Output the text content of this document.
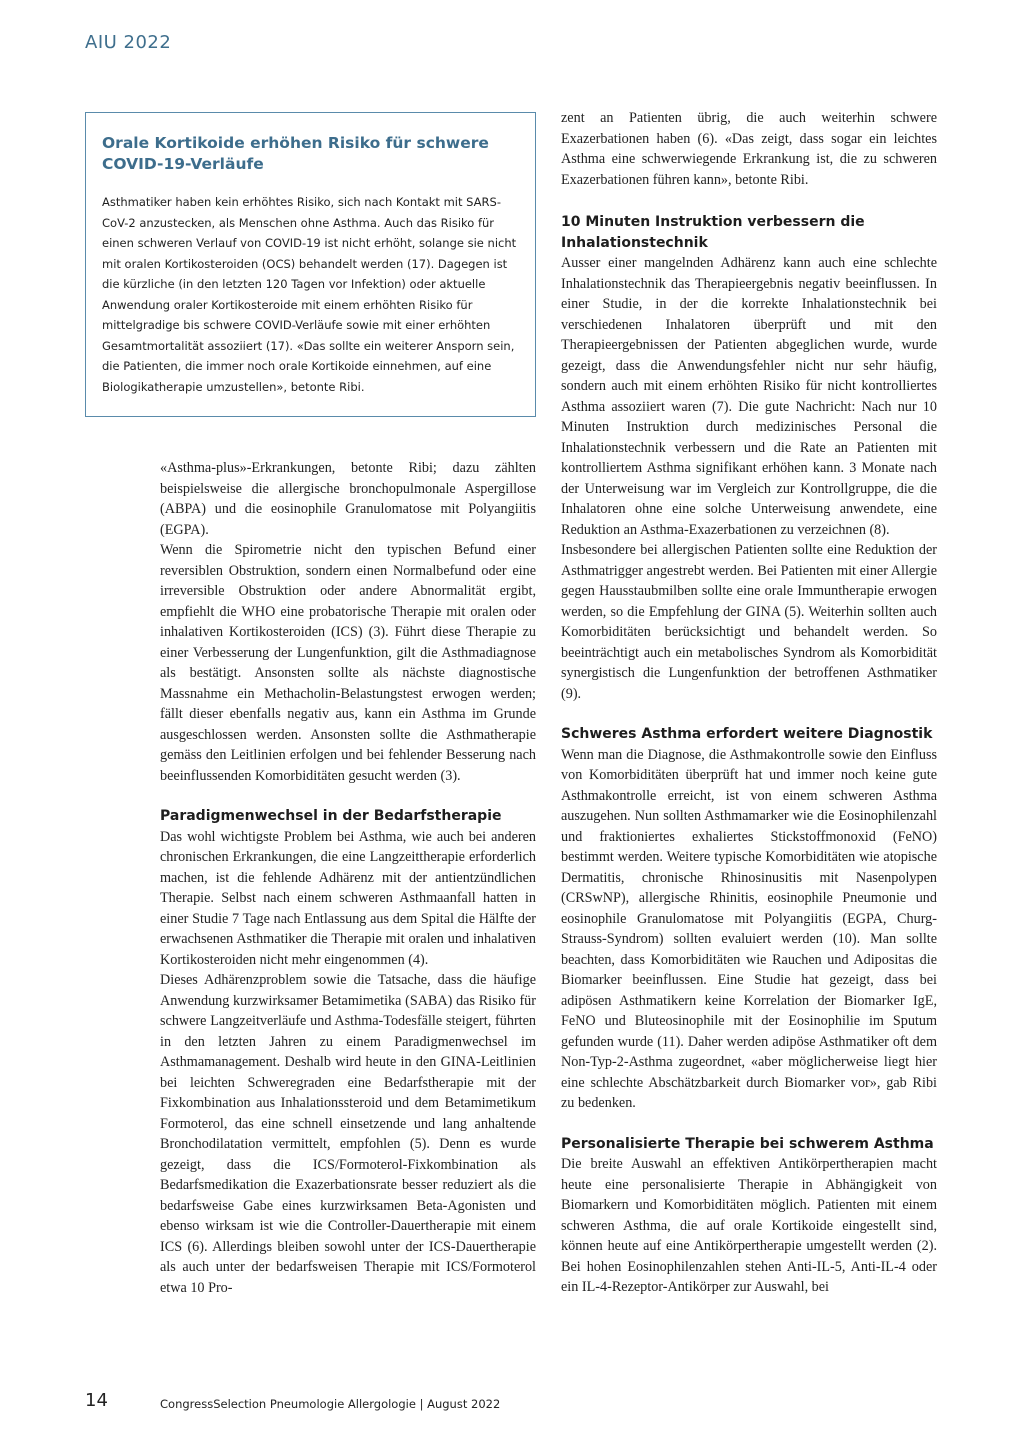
AIU 2022
Orale Kortikoide erhöhen Risiko für schwere COVID-19-Verläufe

Asthmatiker haben kein erhöhtes Risiko, sich nach Kontakt mit SARS-CoV-2 anzustecken, als Menschen ohne Asthma. Auch das Risiko für einen schweren Verlauf von COVID-19 ist nicht erhöht, solange sie nicht mit oralen Kortikosteroiden (OCS) behandelt werden (17). Dagegen ist die kürzliche (in den letzten 120 Tagen vor Infektion) oder aktuelle Anwendung oraler Kortikosteroide mit einem erhöhten Risiko für mittelgradige bis schwere COVID-Verläufe sowie mit einer erhöhten Gesamtmortalität assoziiert (17). «Das sollte ein weiterer Ansporn sein, die Patienten, die immer noch orale Kortikoide einnehmen, auf eine Biologikatherapie umzustellen», betonte Ribi.

«Asthma-plus»-Erkrankungen, betonte Ribi; dazu zählten beispielsweise die allergische bronchopulmonale Aspergillose (ABPA) und die eosinophile Granulomatose mit Polyangiitis (EGPA).

Wenn die Spirometrie nicht den typischen Befund einer reversiblen Obstruktion, sondern einen Normalbefund oder eine irreversible Obstruktion oder andere Abnormalität ergibt, empfiehlt die WHO eine probatorische Therapie mit oralen oder inhalativen Kortikosteroiden (ICS) (3). Führt diese Therapie zu einer Verbesserung der Lungenfunktion, gilt die Asthmadiagnose als bestätigt. Ansonsten sollte als nächste diagnostische Massnahme ein Methacholin-Belastungstest erwogen werden; fällt dieser ebenfalls negativ aus, kann ein Asthma im Grunde ausgeschlossen werden. Ansonsten sollte die Asthmatherapie gemäss den Leitlinien erfolgen und bei fehlender Besserung nach beeinflussenden Komorbiditäten gesucht werden (3).

Paradigmenwechsel in der Bedarfstherapie

Das wohl wichtigste Problem bei Asthma, wie auch bei anderen chronischen Erkrankungen, die eine Langzeittherapie erforderlich machen, ist die fehlende Adhärenz mit der antientzündlichen Therapie. Selbst nach einem schweren Asthmaanfall hatten in einer Studie 7 Tage nach Entlassung aus dem Spital die Hälfte der erwachsenen Asthmatiker die Therapie mit oralen und inhalativen Kortikosteroiden nicht mehr eingenommen (4).

Dieses Adhärenzproblem sowie die Tatsache, dass die häufige Anwendung kurzwirksamer Betamimetika (SABA) das Risiko für schwere Langzeitverläufe und Asthma-Todesfälle steigert, führten in den letzten Jahren zu einem Paradigmenwechsel im Asthmamanagement. Deshalb wird heute in den GINA-Leitlinien bei leichten Schweregraden eine Bedarfstherapie mit der Fixkombination aus Inhalationssteroid und dem Betamimetikum Formoterol, das eine schnell einsetzende und lang anhaltende Bronchodilatation vermittelt, empfohlen (5). Denn es wurde gezeigt, dass die ICS/Formoterol-Fixkombination als Bedarfsmedikation die Exazerbationsrate besser reduziert als die bedarfsweise Gabe eines kurzwirksamen Beta-Agonisten und ebenso wirksam ist wie die Controller-Dauertherapie mit einem ICS (6). Allerdings bleiben sowohl unter der ICS-Dauertherapie als auch unter der bedarfsweisen Therapie mit ICS/Formoterol etwa 10 Pro-

zent an Patienten übrig, die auch weiterhin schwere Exazerbationen haben (6). «Das zeigt, dass sogar ein leichtes Asthma eine schwerwiegende Erkrankung ist, die zu schweren Exazerbationen führen kann», betonte Ribi.

10 Minuten Instruktion verbessern die Inhalationstechnik

Ausser einer mangelnden Adhärenz kann auch eine schlechte Inhalationstechnik das Therapieergebnis negativ beeinflussen. In einer Studie, in der die korrekte Inhalationstechnik bei verschiedenen Inhalatoren überprüft und mit den Therapieergebnissen der Patienten abgeglichen wurde, wurde gezeigt, dass die Anwendungsfehler nicht nur sehr häufig, sondern auch mit einem erhöhten Risiko für nicht kontrolliertes Asthma assoziiert waren (7). Die gute Nachricht: Nach nur 10 Minuten Instruktion durch medizinisches Personal die Inhalationstechnik verbessern und die Rate an Patienten mit kontrolliertem Asthma signifikant erhöhen kann. 3 Monate nach der Unterweisung war im Vergleich zur Kontrollgruppe, die die Inhalatoren ohne eine solche Unterweisung anwendete, eine Reduktion an Asthma-Exazerbationen zu verzeichnen (8).

Insbesondere bei allergischen Patienten sollte eine Reduktion der Asthmatrigger angestrebt werden. Bei Patienten mit einer Allergie gegen Hausstaubmilben sollte eine orale Immuntherapie erwogen werden, so die Empfehlung der GINA (5). Weiterhin sollten auch Komorbiditäten berücksichtigt und behandelt werden. So beeinträchtigt auch ein metabolisches Syndrom als Komorbidität synergistisch die Lungenfunktion der betroffenen Asthmatiker (9).

Schweres Asthma erfordert weitere Diagnostik

Wenn man die Diagnose, die Asthmakontrolle sowie den Einfluss von Komorbiditäten überprüft hat und immer noch keine gute Asthmakontrolle erreicht, ist von einem schweren Asthma auszugehen. Nun sollten Asthmamarker wie die Eosinophilenzahl und fraktioniertes exhaliertes Stickstoffmonoxid (FeNO) bestimmt werden. Weitere typische Komorbiditäten wie atopische Dermatitis, chronische Rhinosinusitis mit Nasenpolypen (CRSwNP), allergische Rhinitis, eosinophile Pneumonie und eosinophile Granulomatose mit Polyangiitis (EGPA, Churg-Strauss-Syndrom) sollten evaluiert werden (10). Man sollte beachten, dass Komorbiditäten wie Rauchen und Adipositas die Biomarker beeinflussen. Eine Studie hat gezeigt, dass bei adipösen Asthmatikern keine Korrelation der Biomarker IgE, FeNO und Bluteosinophile mit der Eosinophilie im Sputum gefunden wurde (11). Daher werden adipöse Asthmatiker oft dem Non-Typ-2-Asthma zugeordnet, «aber möglicherweise liegt hier eine schlechte Abschätzbarkeit durch Biomarker vor», gab Ribi zu bedenken.

Personalisierte Therapie bei schwerem Asthma

Die breite Auswahl an effektiven Antikörpertherapien macht heute eine personalisierte Therapie in Abhängigkeit von Biomarkern und Komorbiditäten möglich. Patienten mit einem schweren Asthma, die auf orale Kortikoide eingestellt sind, können heute auf eine Antikörpertherapie umgestellt werden (2). Bei hohen Eosinophilenzahlen stehen Anti-IL-5, Anti-IL-4 oder ein IL-4-Rezeptor-Antikörper zur Auswahl, bei

14	CongressSelection Pneumologie Allergologie | August 2022
